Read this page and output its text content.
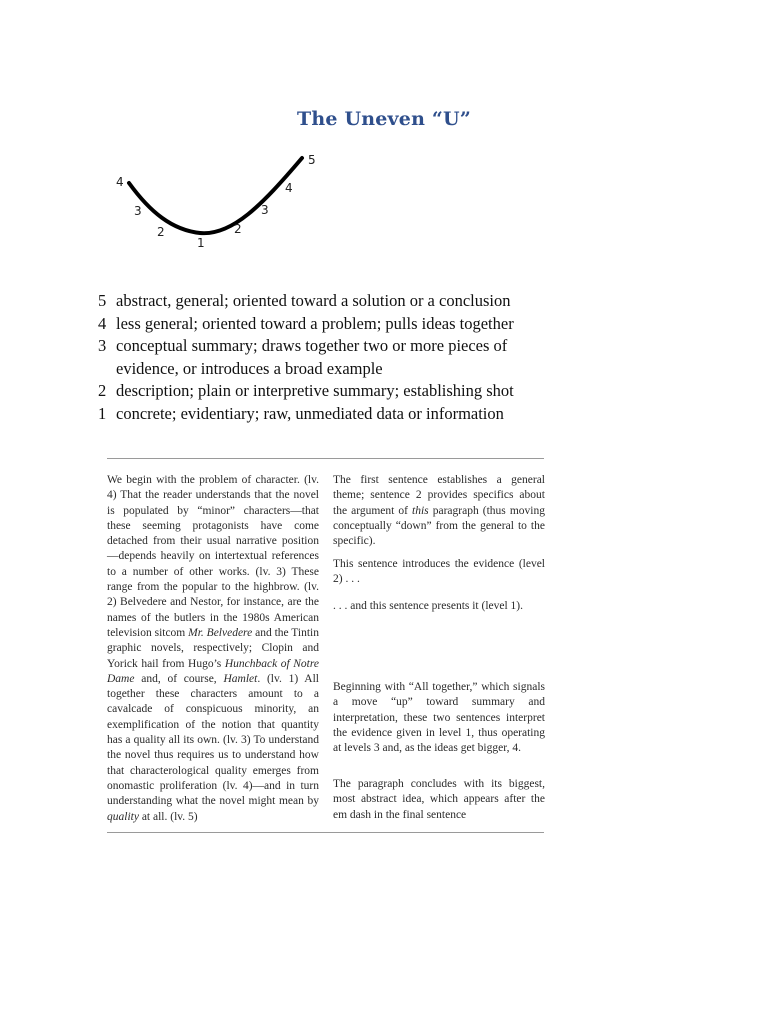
The Uneven “U”
4
3
2
1
2
3
4
5
5 abstract, general; oriented toward a solution or a conclusion
4 less general; oriented toward a problem; pulls ideas together
3 conceptual summary; draws together two or more pieces of evidence, or introduces a broad example
2 description; plain or interpretive summary; establishing shot
1 concrete; evidentiary; raw, unmediated data or information

We begin with the problem of character. (lv. 4) That the reader understands that the novel is populated by “minor” characters—that these seeming protagonists have come detached from their usual narrative position—depends heavily on intertextual references to a number of other works. (lv. 3) These range from the popular to the highbrow. (lv. 2) Belvedere and Nestor, for instance, are the names of the butlers in the 1980s American television sitcom Mr. Belvedere and the Tintin graphic novels, respectively; Clopin and Yorick hail from Hugo’s Hunchback of Notre Dame and, of course, Hamlet. (lv. 1) All together these characters amount to a cavalcade of conspicuous minority, an exemplification of the notion that quantity has a quality all its own. (lv. 3) To understand the novel thus requires us to understand how that characterological quality emerges from onomastic proliferation (lv. 4)—and in turn understanding what the novel might mean by quality at all. (lv. 5)

The first sentence establishes a general theme; sentence 2 provides specifics about the argument of this paragraph (thus moving conceptually “down” from the general to the specific).

This sentence introduces the evidence (level 2) . . .

. . . and this sentence presents it (level 1).

Beginning with “All together,” which signals a move “up” toward summary and interpretation, these two sentences interpret the evidence given in level 1, thus operating at levels 3 and, as the ideas get bigger, 4.

The paragraph concludes with its biggest, most abstract idea, which appears after the em dash in the final sentence
